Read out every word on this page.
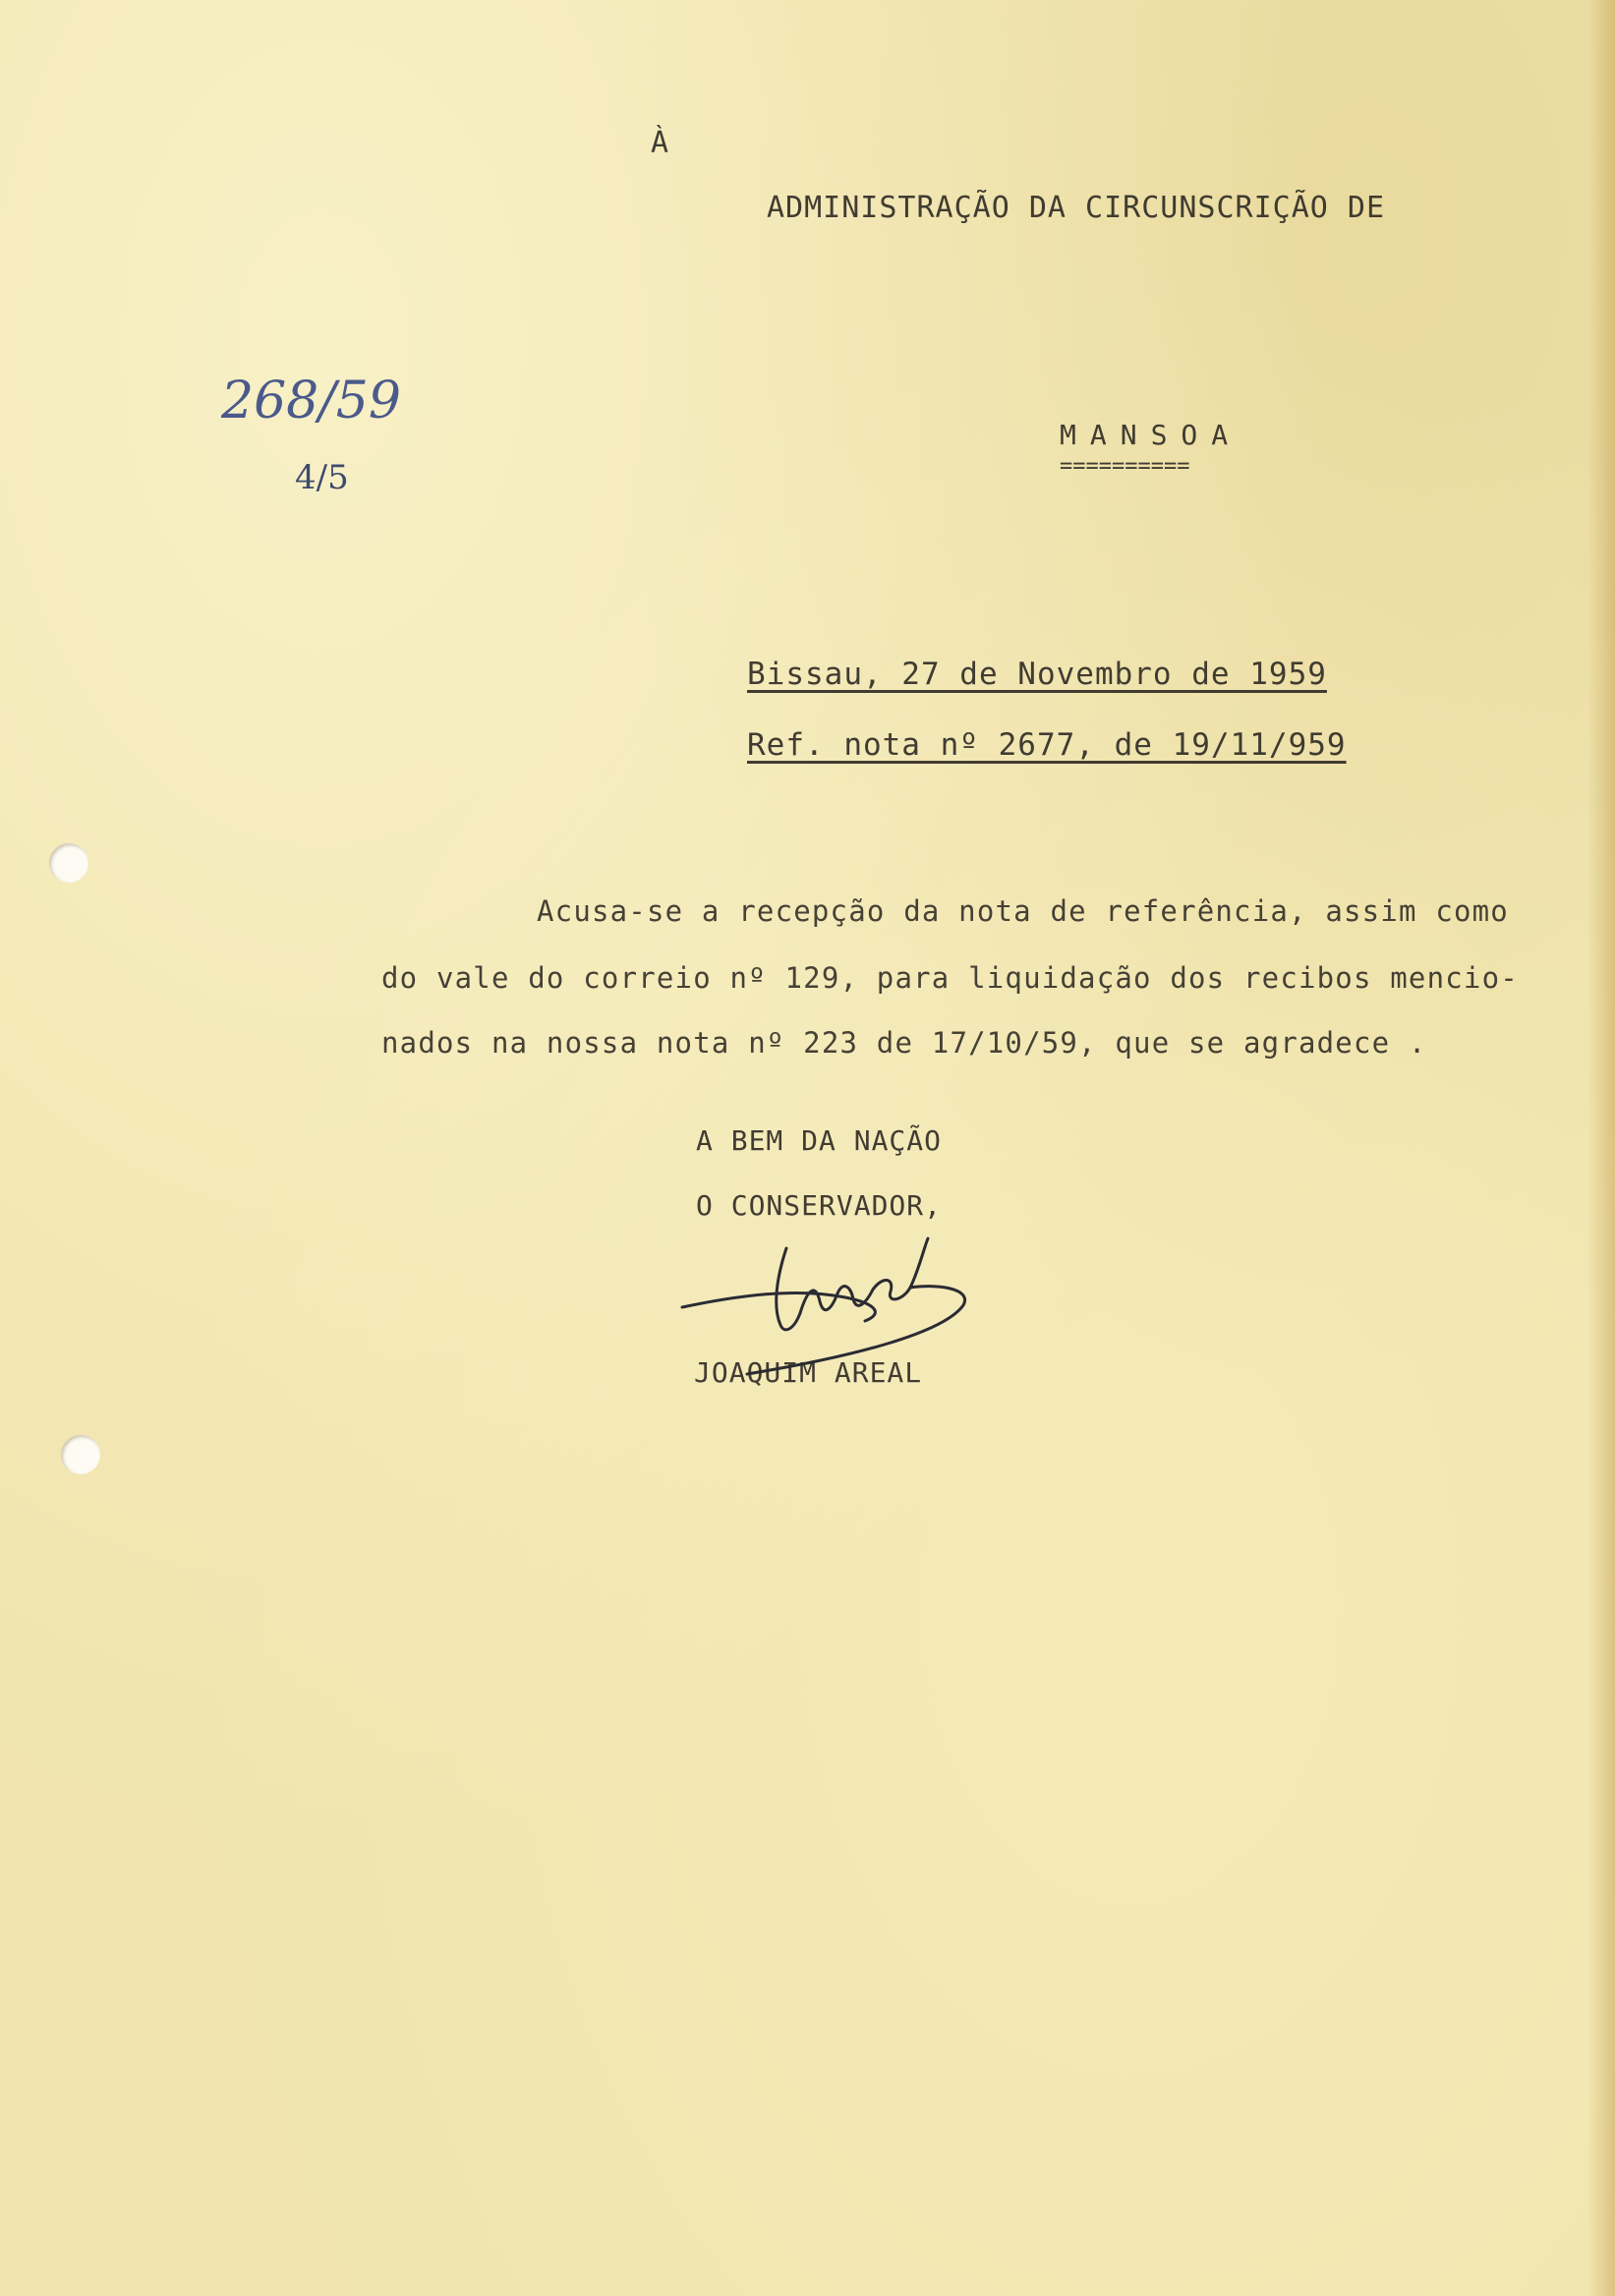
À
ADMINISTRAÇÃO DA CIRCUNSCRIÇÃO DE
268/59
4/5
MANSOA
==========
Bissau, 27 de Novembro de 1959
Ref. nota nº 2677, de 19/11/959
Acusa-se a recepção da nota de referência, assim como
do vale do correio nº 129, para liquidação dos recibos mencio-
nados na nossa nota nº 223 de 17/10/59, que se agradece .
A BEM DA NAÇÃO
O CONSERVADOR,
JOAQUIM AREAL
